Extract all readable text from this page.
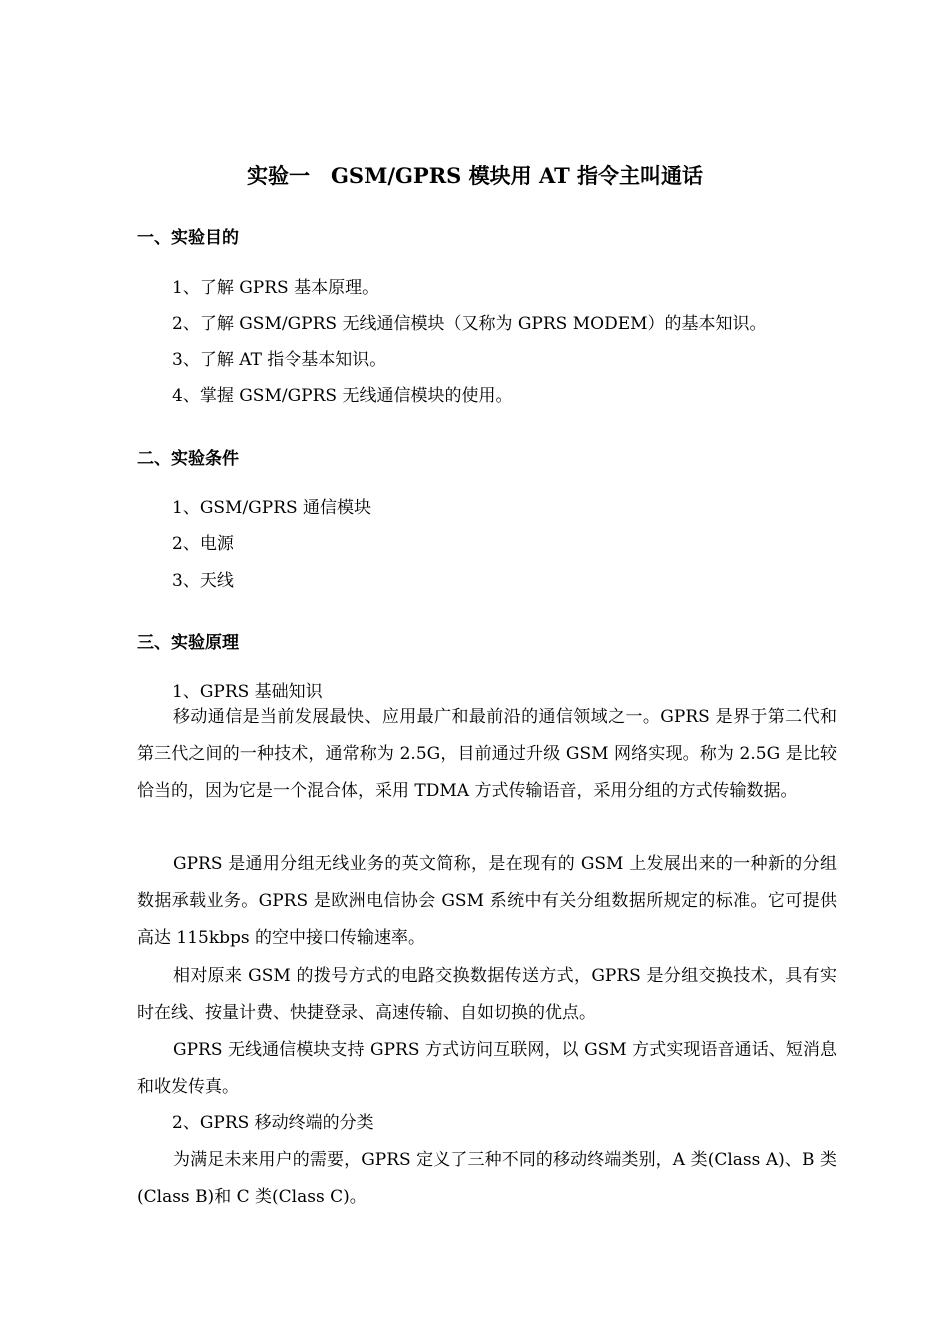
实验一　GSM/GPRS 模块用 AT 指令主叫通话
一、实验目的
1、了解 GPRS 基本原理。
2、了解 GSM/GPRS 无线通信模块（又称为 GPRS MODEM）的基本知识。
3、了解 AT 指令基本知识。
4、掌握 GSM/GPRS 无线通信模块的使用。
二、实验条件
1、GSM/GPRS 通信模块
2、电源
3、天线
三、实验原理
1、GPRS 基础知识
移动通信是当前发展最快、应用最广和最前沿的通信领域之一。GPRS 是界于第二代和第三代之间的一种技术，通常称为 2.5G，目前通过升级 GSM 网络实现。称为 2.5G 是比较恰当的，因为它是一个混合体，采用 TDMA 方式传输语音，采用分组的方式传输数据。
GPRS 是通用分组无线业务的英文简称，是在现有的 GSM 上发展出来的一种新的分组数据承载业务。GPRS 是欧洲电信协会 GSM 系统中有关分组数据所规定的标准。它可提供高达 115kbps 的空中接口传输速率。
相对原来 GSM 的拨号方式的电路交换数据传送方式，GPRS 是分组交换技术，具有实时在线、按量计费、快捷登录、高速传输、自如切换的优点。
GPRS 无线通信模块支持 GPRS 方式访问互联网，以 GSM 方式实现语音通话、短消息和收发传真。
2、GPRS 移动终端的分类
为满足未来用户的需要，GPRS 定义了三种不同的移动终端类别，A 类(Class A)、B 类(Class B)和 C 类(Class C)。
